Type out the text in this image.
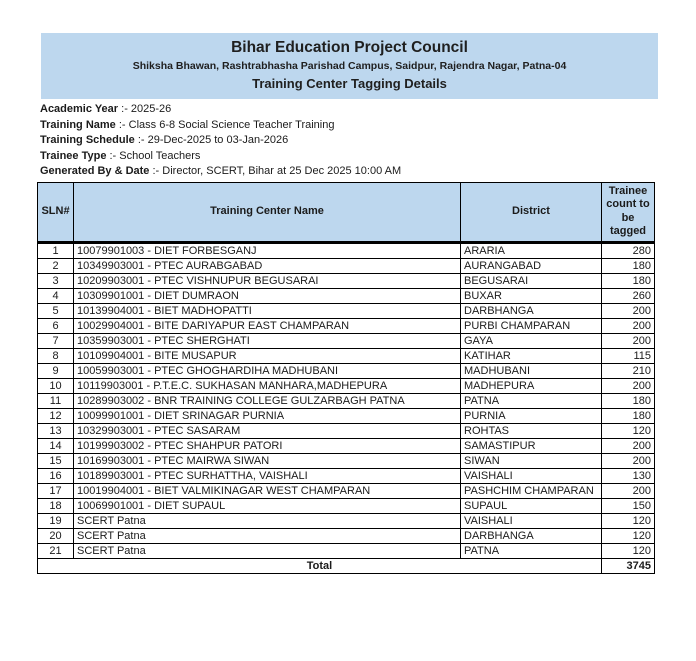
Bihar Education Project Council
Shiksha Bhawan, Rashtrabhasha Parishad Campus, Saidpur, Rajendra Nagar, Patna-04
Training Center Tagging Details
Academic Year :- 2025-26
Training Name :- Class 6-8 Social Science Teacher Training
Training Schedule :- 29-Dec-2025 to 03-Jan-2026
Trainee Type :- School Teachers
Generated By & Date :- Director, SCERT, Bihar at 25 Dec 2025 10:00 AM
SLN#	Training Center Name	District	Trainee count to be tagged
1	10079901003 - DIET FORBESGANJ	ARARIA	280
2	10349903001 - PTEC AURABGABAD	AURANGABAD	180
3	10209903001 - PTEC VISHNUPUR BEGUSARAI	BEGUSARAI	180
4	10309901001 - DIET DUMRAON	BUXAR	260
5	10139904001 - BIET MADHOPATTI	DARBHANGA	200
6	10029904001 - BITE DARIYAPUR EAST CHAMPARAN	PURBI CHAMPARAN	200
7	10359903001 - PTEC SHERGHATI	GAYA	200
8	10109904001 - BITE MUSAPUR	KATIHAR	115
9	10059903001 - PTEC GHOGHARDIHA MADHUBANI	MADHUBANI	210
10	10119903001 - P.T.E.C. SUKHASAN MANHARA,MADHEPURA	MADHEPURA	200
11	10289903002 - BNR TRAINING COLLEGE GULZARBAGH PATNA	PATNA	180
12	10099901001 - DIET SRINAGAR PURNIA	PURNIA	180
13	10329903001 - PTEC SASARAM	ROHTAS	120
14	10199903002 - PTEC SHAHPUR PATORI	SAMASTIPUR	200
15	10169903001 - PTEC MAIRWA SIWAN	SIWAN	200
16	10189903001 - PTEC SURHATTHA, VAISHALI	VAISHALI	130
17	10019904001 - BIET VALMIKINAGAR WEST CHAMPARAN	PASHCHIM CHAMPARAN	200
18	10069901001 - DIET SUPAUL	SUPAUL	150
19	SCERT Patna	VAISHALI	120
20	SCERT Patna	DARBHANGA	120
21	SCERT Patna	PATNA	120
Total			3745
